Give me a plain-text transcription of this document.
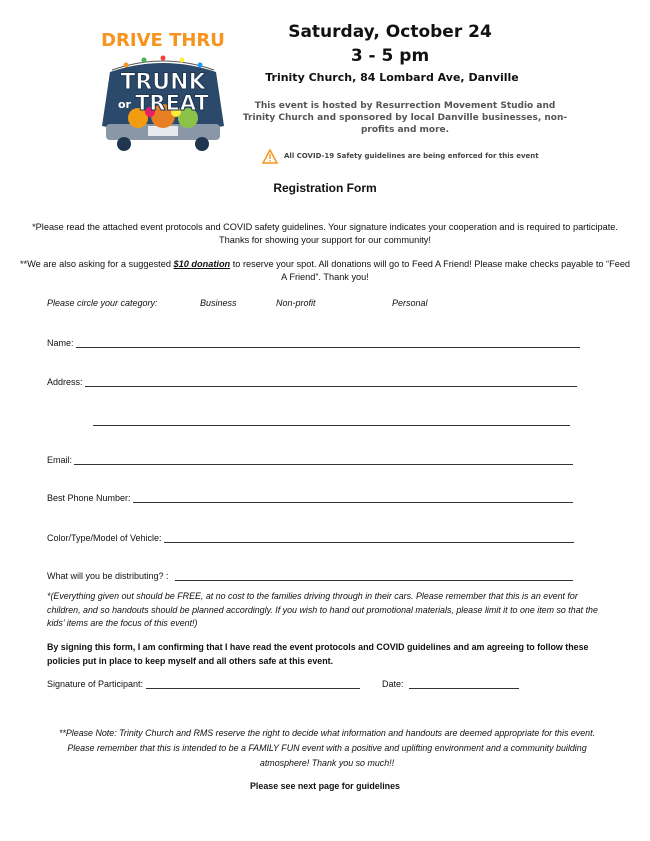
DRIVE THRU
TRUNK
or TREAT
Saturday, October 24
3 - 5 pm
Trinity Church, 84 Lombard Ave, Danville
This event is hosted by Resurrection Movement Studio and Trinity Church and sponsored by local Danville businesses, non-profits and more.
All COVID-19 Safety guidelines are being enforced for this event
Registration Form
*Please read the attached event protocols and COVID safety guidelines. Your signature indicates your cooperation and is required to participate. Thanks for showing your support for our community!
**We are also asking for a suggested $10 donation to reserve your spot. All donations will go to Feed A Friend! Please make checks payable to “Feed A Friend”. Thank you!
Please circle your category:	Business	Non-profit	Personal
Name:
Address:
Email:
Best Phone Number:
Color/Type/Model of Vehicle:
What will you be distributing? :
*(Everything given out should be FREE, at no cost to the families driving through in their cars. Please remember that this is an event for children, and so handouts should be planned accordingly. If you wish to hand out promotional materials, please limit it to one item so that the kids’ items are the focus of this event!)
By signing this form, I am confirming that I have read the event protocols and COVID guidelines and am agreeing to follow these policies put in place to keep myself and all others safe at this event.
Signature of Participant:	Date:
**Please Note: Trinity Church and RMS reserve the right to decide what information and handouts are deemed appropriate for this event. Please remember that this is intended to be a FAMILY FUN event with a positive and uplifting environment and a community building atmosphere! Thank you so much!!
Please see next page for guidelines
